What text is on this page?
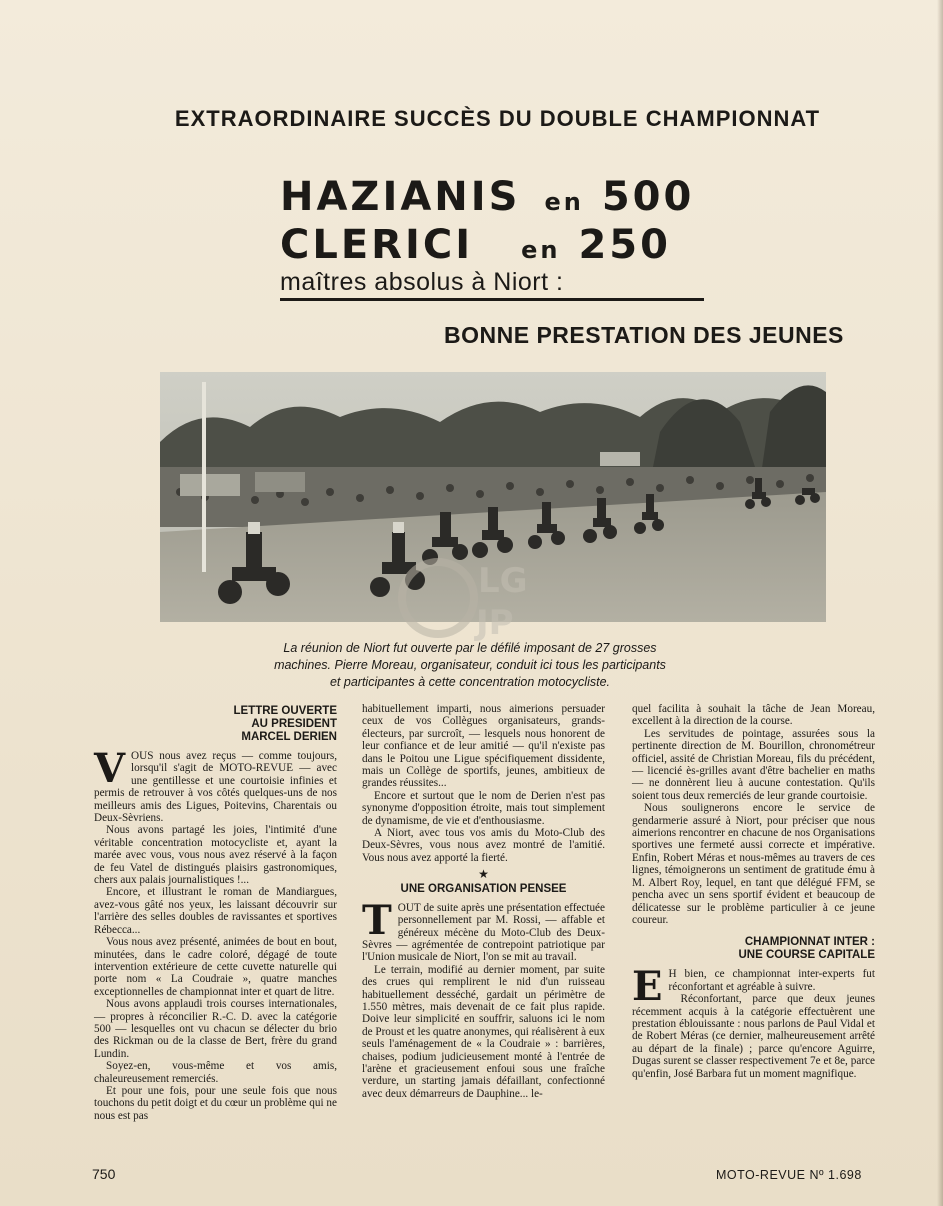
EXTRAORDINAIRE SUCCÈS DU DOUBLE CHAMPIONNAT
HAZIANIS en 500
CLERICI en 250
maîtres absolus à Niort :
BONNE PRESTATION DES JEUNES
LG
JP
La réunion de Niort fut ouverte par le défilé imposant de 27 grosses
machines. Pierre Moreau, organisateur, conduit ici tous les participants
et participantes à cette concentration motocycliste.
LETTRE OUVERTE
AU PRESIDENT
MARCEL DERIEN

VOUS nous avez reçus — comme toujours, lorsqu'il s'agit de MOTO-REVUE — avec une gentillesse et une courtoisie infinies et permis de retrouver à vos côtés quelques-uns de nos meilleurs amis des Ligues, Poitevins, Charentais ou Deux-Sèvriens.

Nous avons partagé les joies, l'intimité d'une véritable concentration motocycliste et, ayant la marée avec vous, vous nous avez réservé à la façon de feu Vatel de distingués plaisirs gastronomiques, chers aux palais journalistiques !...

Encore, et illustrant le roman de Mandiargues, avez-vous gâté nos yeux, les laissant découvrir sur l'arrière des selles doubles de ravissantes et sportives Rébecca...

Vous nous avez présenté, animées de bout en bout, minutées, dans le cadre coloré, dégagé de toute intervention extérieure de cette cuvette naturelle qui porte nom « La Coudraie », quatre manches exceptionnelles de championnat inter et quart de litre.

Nous avons applaudi trois courses internationales, — propres à réconcilier R.-C. D. avec la catégorie 500 — lesquelles ont vu chacun se délecter du brio des Rickman ou de la classe de Bert, frère du grand Lundin.

Soyez-en, vous-même et vos amis, chaleureusement remerciés.

Et pour une fois, pour une seule fois que nous touchons du petit doigt et du cœur un problème qui ne nous est pas

habituellement imparti, nous aimerions persuader ceux de vos Collègues organisateurs, grands-électeurs, par surcroît, — lesquels nous honorent de leur confiance et de leur amitié — qu'il n'existe pas dans le Poitou une Ligue spécifiquement dissidente, mais un Collège de sportifs, jeunes, ambitieux de grandes réussites...

Encore et surtout que le nom de Derien n'est pas synonyme d'opposition étroite, mais tout simplement de dynamisme, de vie et d'enthousiasme.

A Niort, avec tous vos amis du Moto-Club des Deux-Sèvres, vous nous avez montré de l'amitié. Vous nous avez apporté la fierté.

★
UNE ORGANISATION PENSEE

TOUT de suite après une présentation effectuée personnellement par M. Rossi, — affable et généreux mécène du Moto-Club des Deux-Sèvres — agrémentée de contrepoint patriotique par l'Union musicale de Niort, l'on se mit au travail.

Le terrain, modifié au dernier moment, par suite des crues qui remplirent le nid d'un ruisseau habituellement desséché, gardait un périmètre de 1.550 mètres, mais devenait de ce fait plus rapide. Doive leur simplicité en souffrir, saluons ici le nom de Proust et les quatre anonymes, qui réalisèrent à eux seuls l'aménagement de « la Coudraie » : barrières, chaises, podium judicieusement monté à l'entrée de l'arène et gracieusement enfoui sous une fraîche verdure, un starting jamais défaillant, confectionné avec deux démarreurs de Dauphine... le-

quel facilita à souhait la tâche de Jean Moreau, excellent à la direction de la course.

Les servitudes de pointage, assurées sous la pertinente direction de M. Bourillon, chronométreur officiel, assité de Christian Moreau, fils du précédent, — licencié ès-grilles avant d'être bachelier en maths — ne donnèrent lieu à aucune contestation. Qu'ils soient tous deux remerciés de leur grande courtoisie.

Nous soulignerons encore le service de gendarmerie assuré à Niort, pour préciser que nous aimerions rencontrer en chacune de nos Organisations sportives une fermeté aussi correcte et impérative. Enfin, Robert Méras et nous-mêmes au travers de ces lignes, témoignerons un sentiment de gratitude ému à M. Albert Roy, lequel, en tant que délégué FFM, se pencha avec un sens sportif évident et beaucoup de délicatesse sur le problème particulier à ce jeune coureur.

CHAMPIONNAT INTER :
UNE COURSE CAPITALE

E H bien, ce championnat inter-experts fut réconfortant et agréable à suivre.

Réconfortant, parce que deux jeunes récemment acquis à la catégorie effectuèrent une prestation éblouissante : nous parlons de Paul Vidal et de Robert Méras (ce dernier, malheureusement arrêté au départ de la finale) ; parce qu'encore Aguirre, Dugas surent se classer respectivement 7e et 8e, parce qu'enfin, José Barbara fut un moment magnifique.

750	MOTO-REVUE Nº 1.698
